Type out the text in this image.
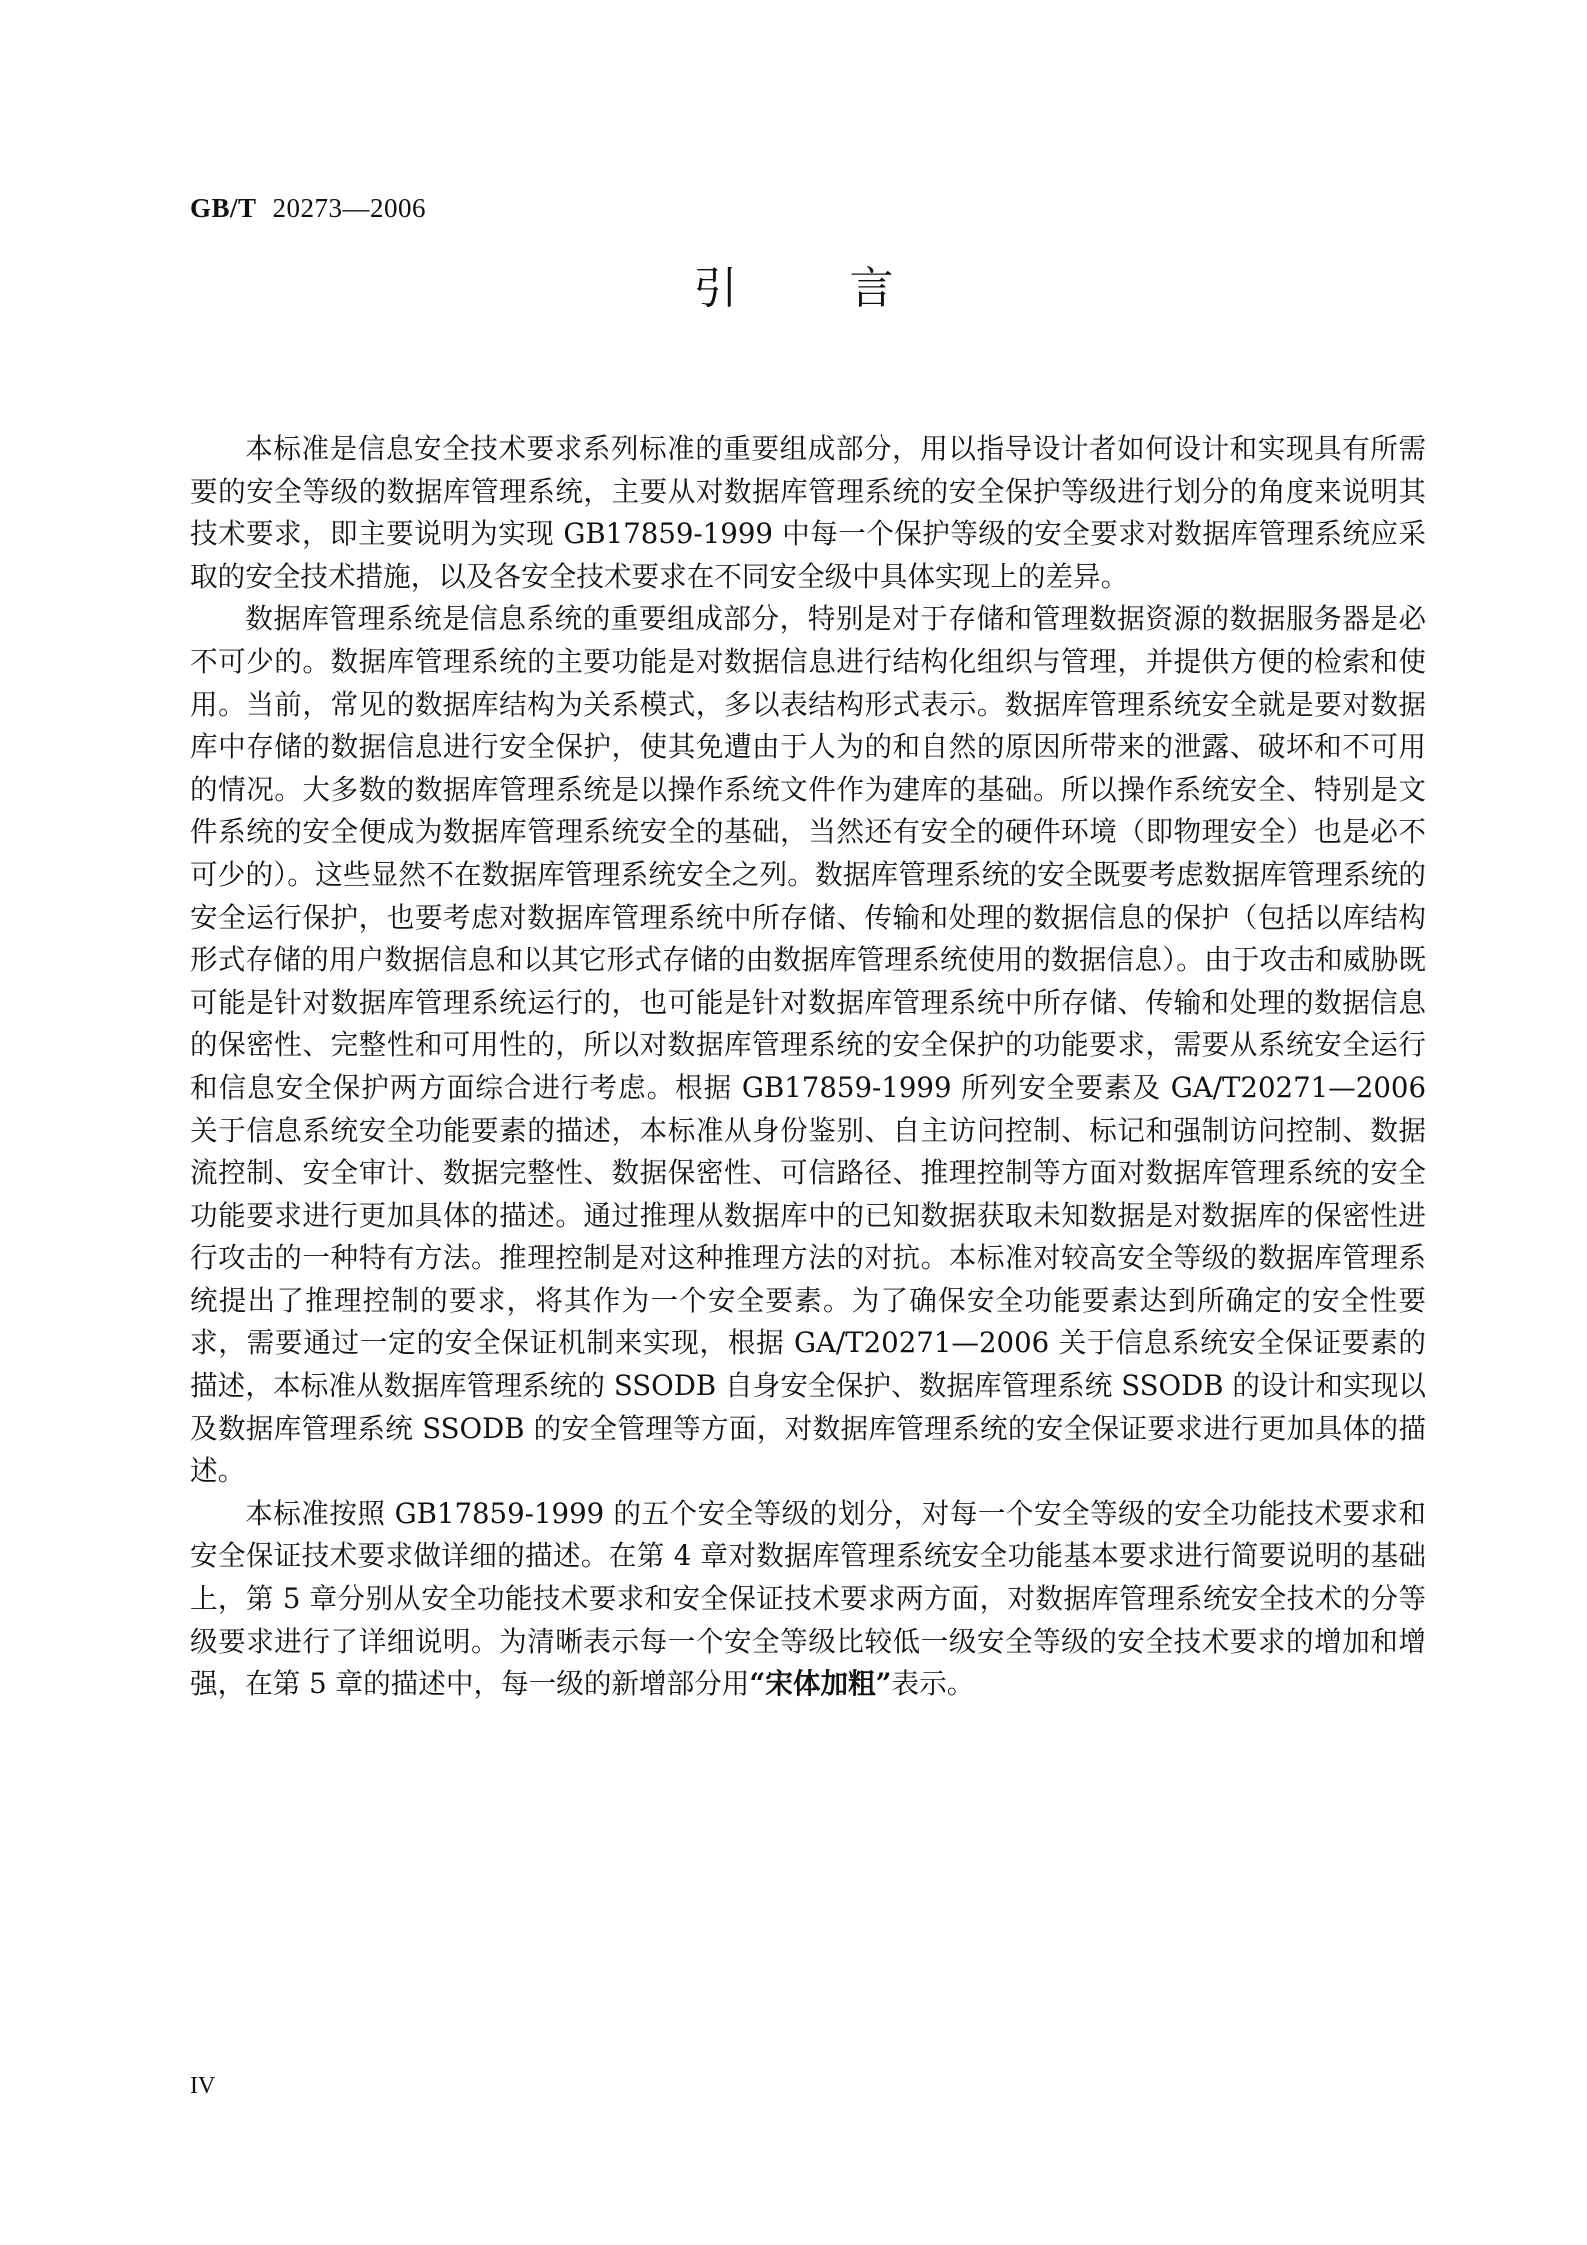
GB/T 20273—2006
引言

本标准是信息安全技术要求系列标准的重要组成部分，用以指导设计者如何设计和实现具有所需要的安全等级的数据库管理系统，主要从对数据库管理系统的安全保护等级进行划分的角度来说明其技术要求，即主要说明为实现 GB17859-1999 中每一个保护等级的安全要求对数据库管理系统应采取的安全技术措施，以及各安全技术要求在不同安全级中具体实现上的差异。

数据库管理系统是信息系统的重要组成部分，特别是对于存储和管理数据资源的数据服务器是必不可少的。数据库管理系统的主要功能是对数据信息进行结构化组织与管理，并提供方便的检索和使用。当前，常见的数据库结构为关系模式，多以表结构形式表示。数据库管理系统安全就是要对数据库中存储的数据信息进行安全保护，使其免遭由于人为的和自然的原因所带来的泄露、破坏和不可用的情况。大多数的数据库管理系统是以操作系统文件作为建库的基础。所以操作系统安全、特别是文件系统的安全便成为数据库管理系统安全的基础，当然还有安全的硬件环境（即物理安全）也是必不可少的）。这些显然不在数据库管理系统安全之列。数据库管理系统的安全既要考虑数据库管理系统的安全运行保护，也要考虑对数据库管理系统中所存储、传输和处理的数据信息的保护（包括以库结构形式存储的用户数据信息和以其它形式存储的由数据库管理系统使用的数据信息）。由于攻击和威胁既可能是针对数据库管理系统运行的，也可能是针对数据库管理系统中所存储、传输和处理的数据信息的保密性、完整性和可用性的，所以对数据库管理系统的安全保护的功能要求，需要从系统安全运行和信息安全保护两方面综合进行考虑。根据 GB17859-1999 所列安全要素及 GA/T20271—2006 关于信息系统安全功能要素的描述，本标准从身份鉴别、自主访问控制、标记和强制访问控制、数据流控制、安全审计、数据完整性、数据保密性、可信路径、推理控制等方面对数据库管理系统的安全功能要求进行更加具体的描述。通过推理从数据库中的已知数据获取未知数据是对数据库的保密性进行攻击的一种特有方法。推理控制是对这种推理方法的对抗。本标准对较高安全等级的数据库管理系统提出了推理控制的要求，将其作为一个安全要素。为了确保安全功能要素达到所确定的安全性要求，需要通过一定的安全保证机制来实现，根据 GA/T20271—2006 关于信息系统安全保证要素的描述，本标准从数据库管理系统的 SSODB 自身安全保护、数据库管理系统 SSODB 的设计和实现以及数据库管理系统 SSODB 的安全管理等方面，对数据库管理系统的安全保证要求进行更加具体的描述。

本标准按照 GB17859-1999 的五个安全等级的划分，对每一个安全等级的安全功能技术要求和安全保证技术要求做详细的描述。在第 4 章对数据库管理系统安全功能基本要求进行简要说明的基础上，第 5 章分别从安全功能技术要求和安全保证技术要求两方面，对数据库管理系统安全技术的分等级要求进行了详细说明。为清晰表示每一个安全等级比较低一级安全等级的安全技术要求的增加和增强，在第 5 章的描述中，每一级的新增部分用“宋体加粗”表示。

IV
